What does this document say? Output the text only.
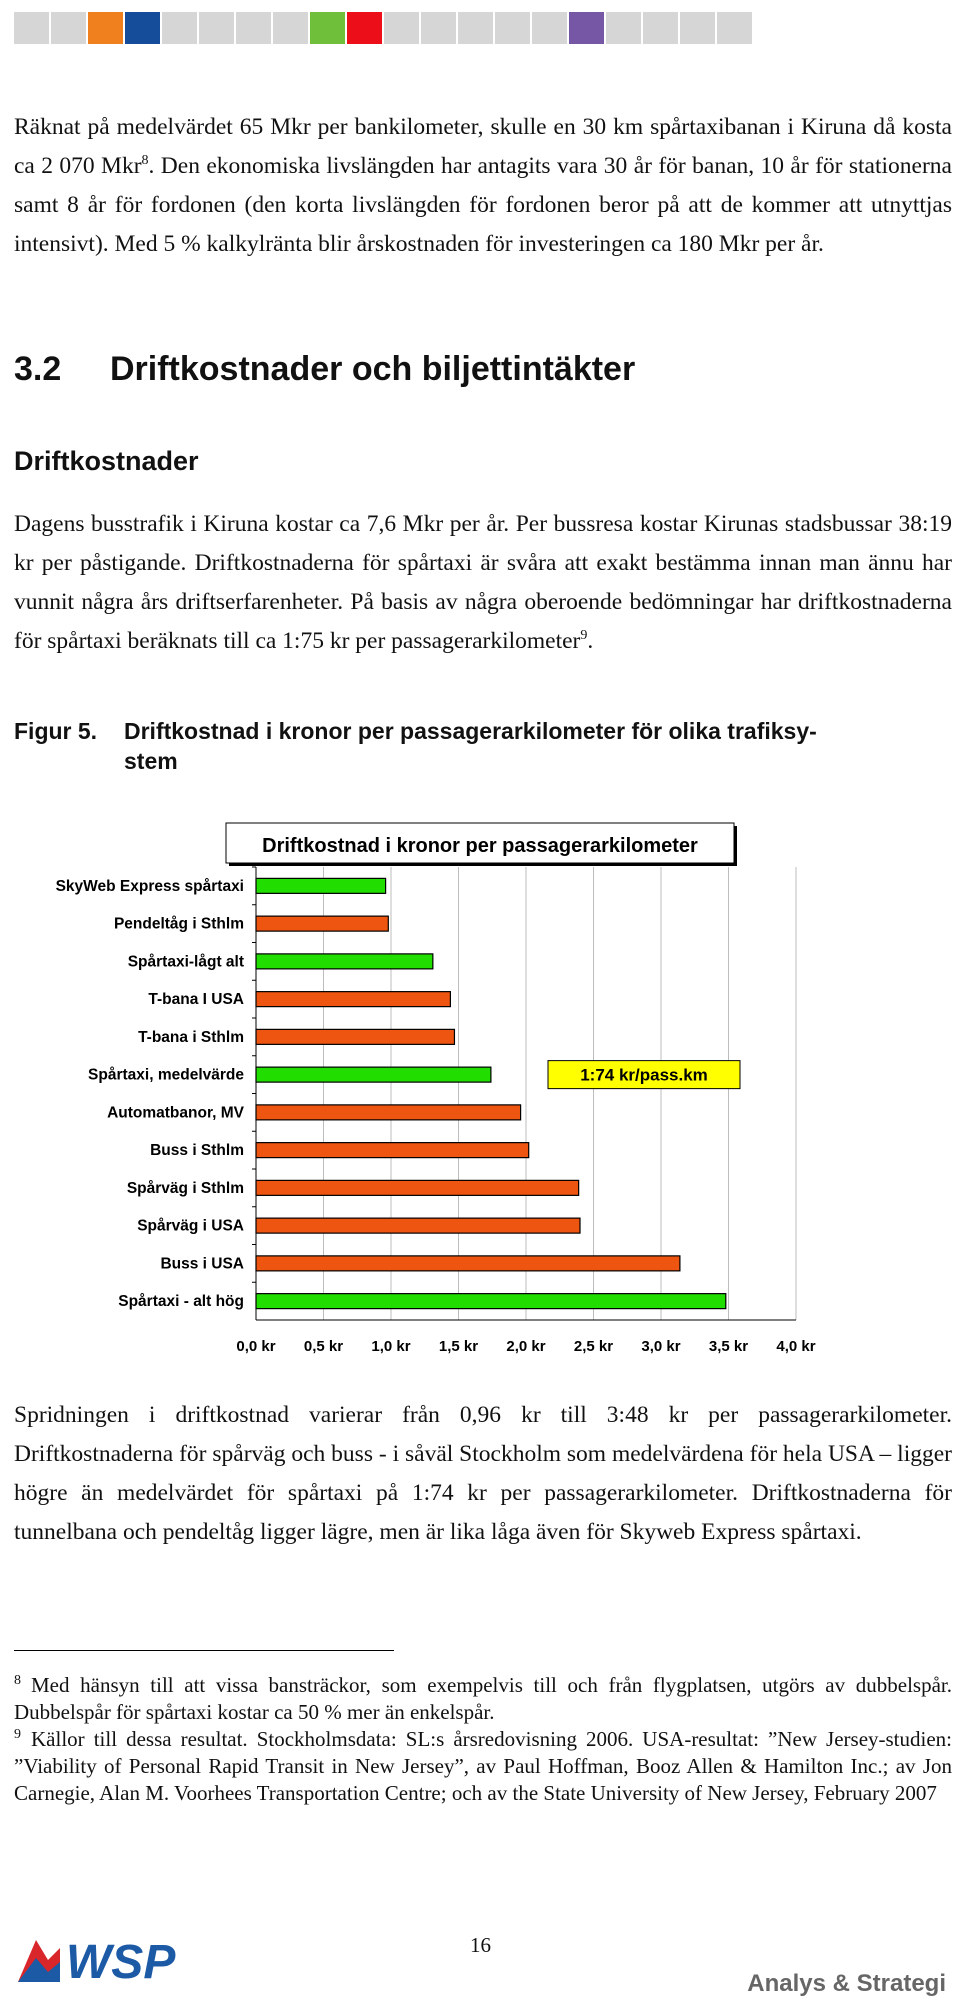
Räknat på medelvärdet 65 Mkr per bankilometer, skulle en 30 km spårtaxibanan i Kiruna då kosta ca 2 070 Mkr$^8$. Den ekonomiska livslängden har antagits vara 30 år för banan, 10 år för stationerna samt 8 år för fordonen (den korta livslängden för fordonen beror på att de kommer att utnyttjas intensivt). Med 5 % kalkylränta blir årskostnaden för investeringen ca 180 Mkr per år.

3.2 Driftkostnader och biljettintäkter
Driftkostnader

Dagens busstrafik i Kiruna kostar ca 7,6 Mkr per år. Per bussresa kostar Kirunas stadsbussar 38:19 kr per påstigande. Driftkostnaderna för spårtaxi är svåra att exakt bestämma innan man ännu har vunnit några års driftserfarenheter. På basis av några oberoende bedömningar har driftkostnaderna för spårtaxi beräknats till ca 1:75 kr per passagerarkilometer$^9$.

Figur 5. Driftkostnad i kronor per passagerarkilometer för olika trafiksy-
stem

Driftkostnad i kronor per passagerarkilometer
0,0 kr 0,5 kr 1,0 kr 1,5 kr 2,0 kr 2,5 kr 3,0 kr 3,5 kr 4,0 kr
SkyWeb Express spårtaxi
Pendeltåg i Sthlm
Spårtaxi-lågt alt
T-bana I USA
T-bana i Sthlm
Spårtaxi, medelvärde
Automatbanor, MV
Buss i Sthlm
Spårväg i Sthlm
Spårväg i USA
Buss i USA
Spårtaxi - alt hög
1:74 kr/pass.km

Spridningen i driftkostnad varierar från 0,96 kr till 3:48 kr per passagerarkilometer. Driftkostnaderna för spårväg och buss - i såväl Stockholm som medelvärdena för hela USA – ligger högre än medelvärdet för spårtaxi på 1:74 kr per passagerarkilometer. Driftkostnaderna för tunnelbana och pendeltåg ligger lägre, men är lika låga även för Skyweb Express spårtaxi.

$^8$ Med hänsyn till att vissa bansträckor, som exempelvis till och från flygplatsen, utgörs av dubbelspår. Dubbelspår för spårtaxi kostar ca 50 % mer än enkelspår.

$^9$ Källor till dessa resultat. Stockholmsdata: SL:s årsredovisning 2006. USA-resultat: ”New Jersey-studien: ”Viability of Personal Rapid Transit in New Jersey”, av Paul Hoffman, Booz Allen & Hamilton Inc.; av Jon Carnegie, Alan M. Voorhees Transportation Centre; och av the State University of New Jersey, February 2007

WSP	16
Analys & Strategi
